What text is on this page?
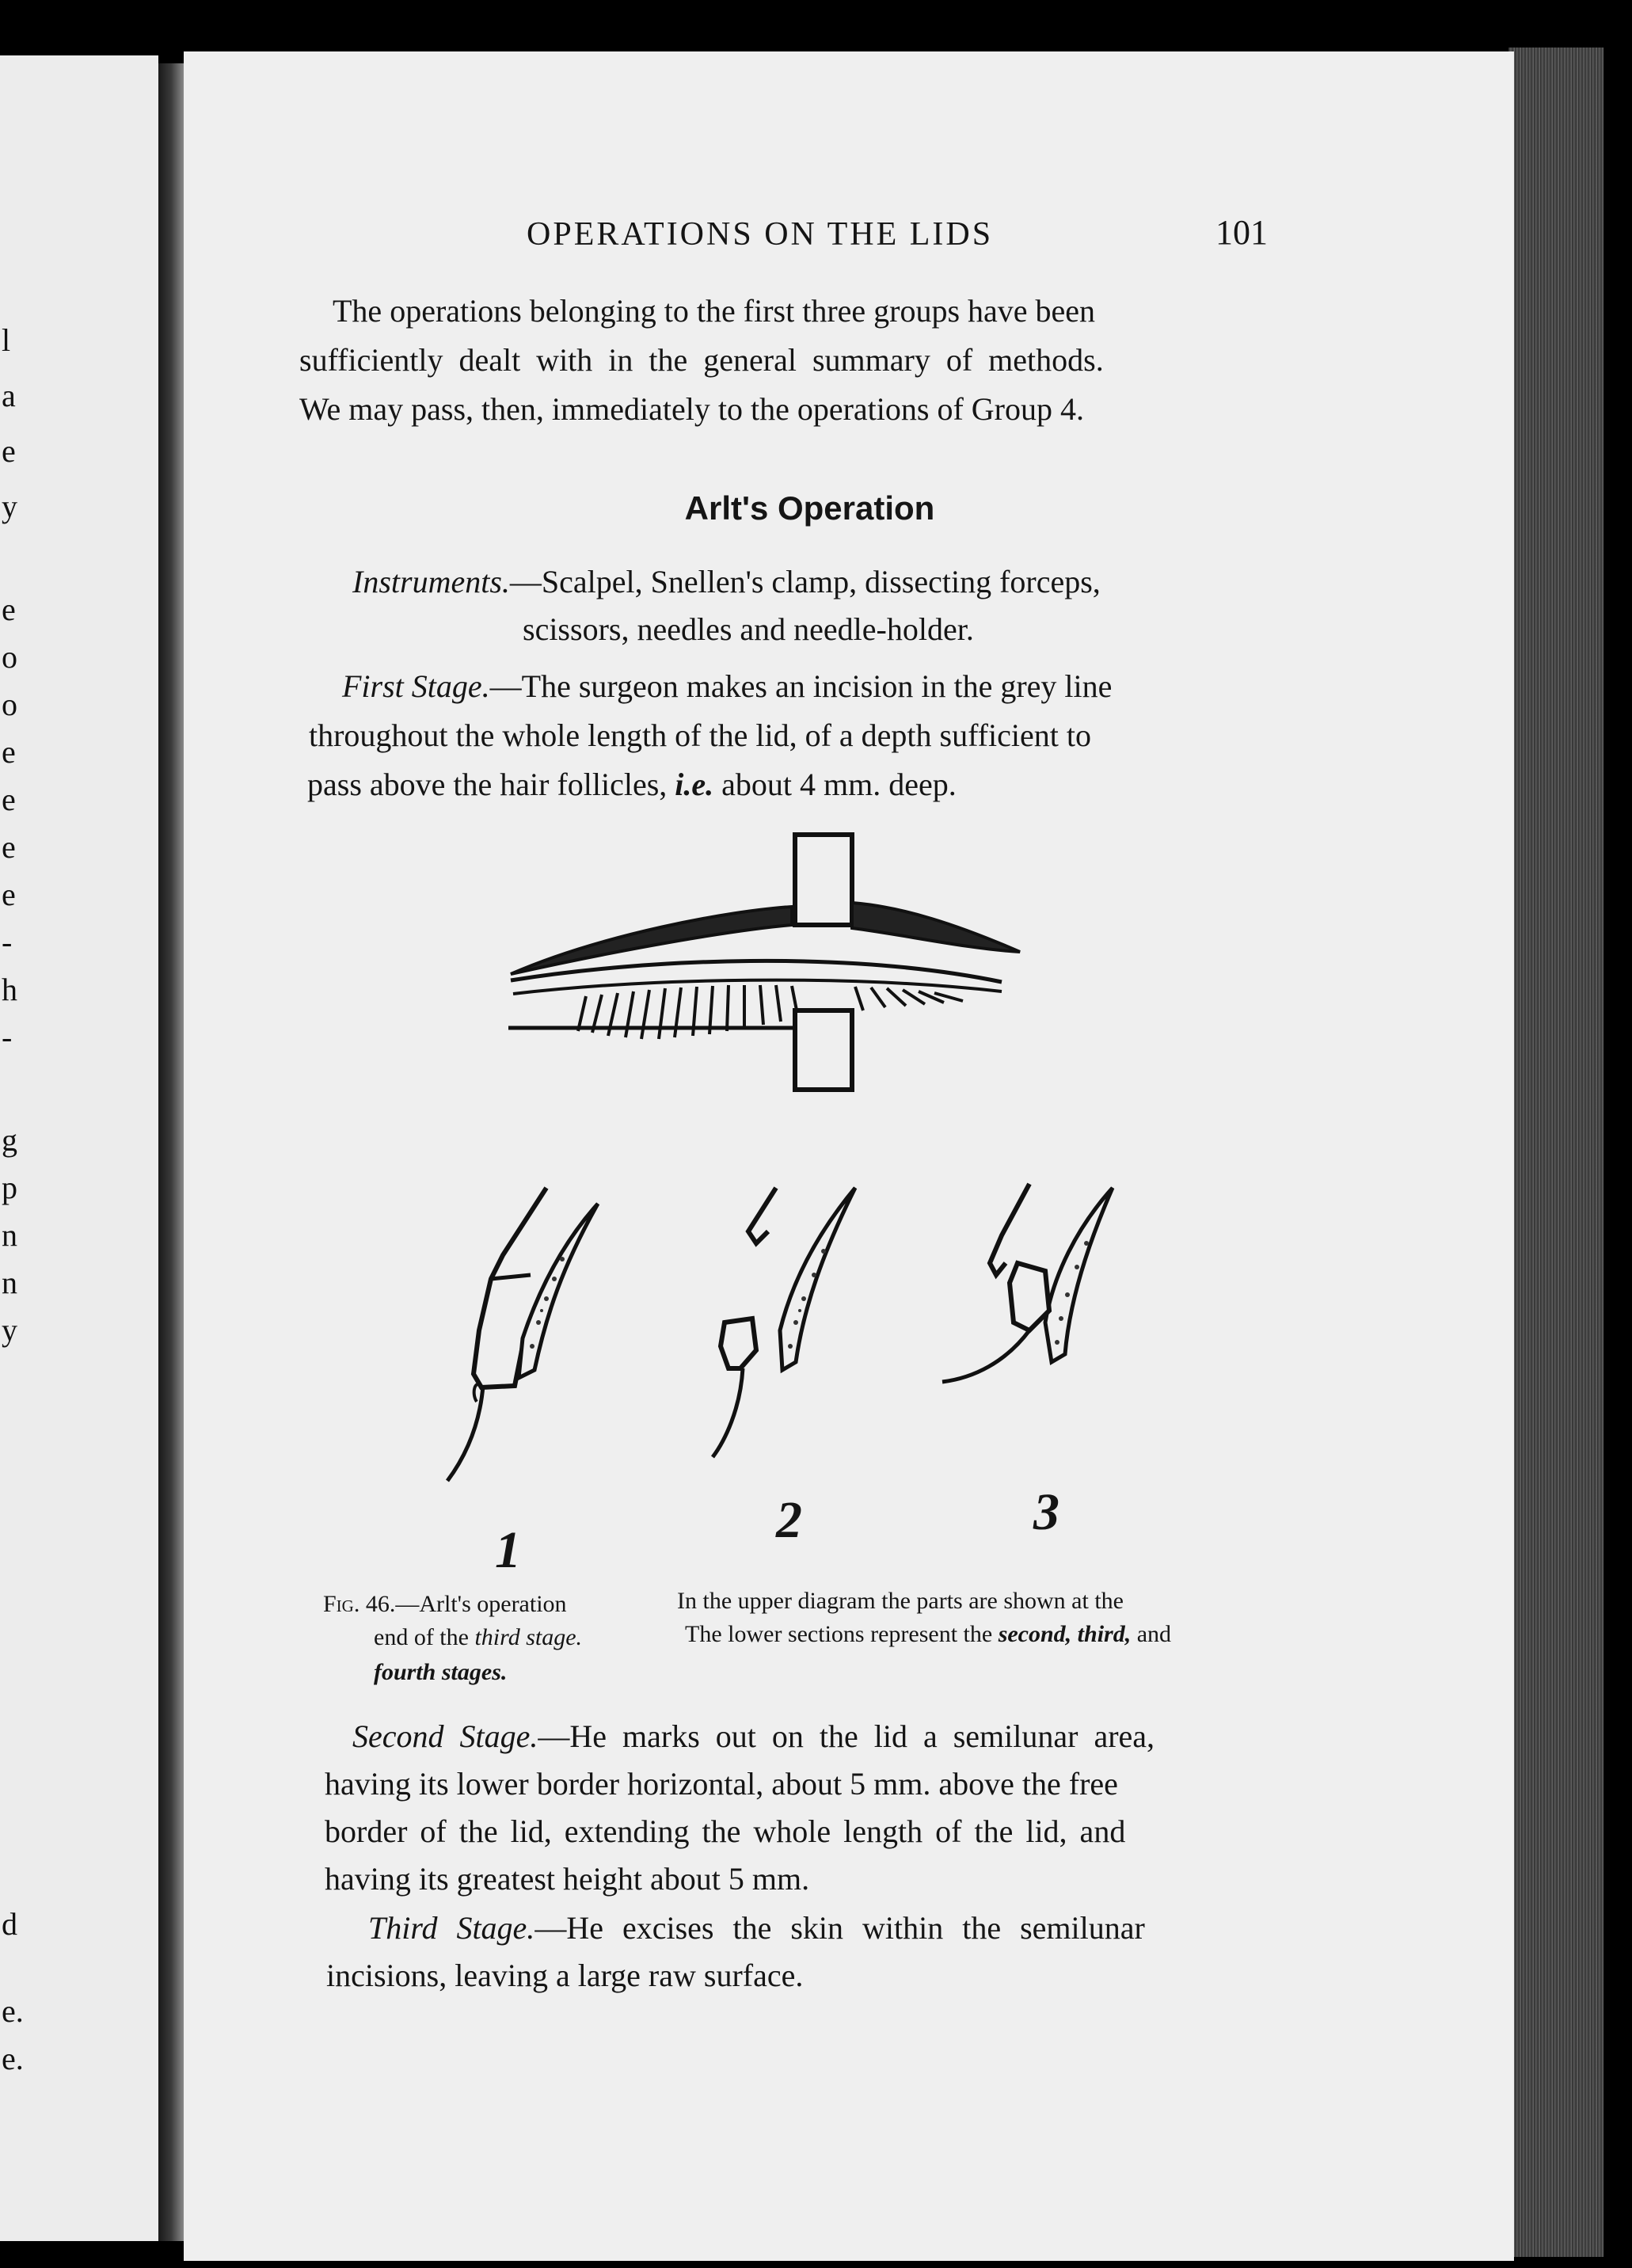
l
a
e
y
e
o
o
e
e
e
e
-
h
-
g
p
n
n
y
d
e.
e.
OPERATIONS ON THE LIDS	101
The operations belonging to the first three groups have been
sufficiently dealt with in the general summary of methods.
We may pass, then, immediately to the operations of Group 4.
Arlt's Operation
Instruments.—Scalpel, Snellen's clamp, dissecting forceps,
scissors, needles and needle-holder.
First Stage.—The surgeon makes an incision in the grey line
throughout the whole length of the lid, of a depth sufficient to
pass above the hair follicles, i.e. about 4 mm. deep.
1
2	3
Fig. 46.—Arlt's operation
end of the third stage.
fourth stages.
In the upper diagram the parts are shown at the
The lower sections represent the second, third, and
Second Stage.—He marks out on the lid a semilunar area,
having its lower border horizontal, about 5 mm. above the free
border of the lid, extending the whole length of the lid, and
having its greatest height about 5 mm.
Third Stage.—He excises the skin within the semilunar
incisions, leaving a large raw surface.
